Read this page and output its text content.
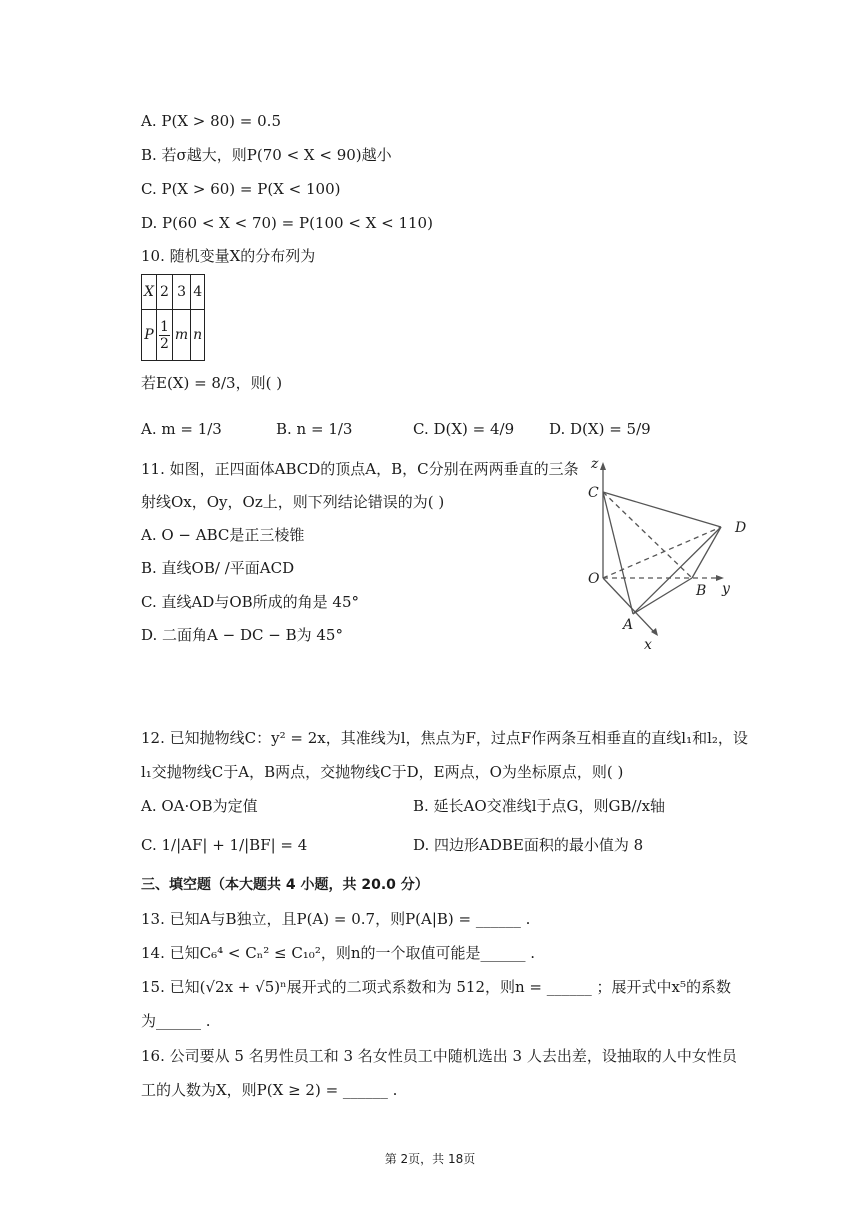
A. P(X > 80) = 0.5
B. 若σ越大，则P(70 < X < 90)越小
C. P(X > 60) = P(X < 100)
D. P(60 < X < 70) = P(100 < X < 110)
10. 随机变量X的分布列为
X	2	3	4
P	$\frac{1}{2}$	m	n
若E(X) = 8/3，则( )
A. m = 1/3	B. n = 1/3	C. D(X) = 4/9 D. D(X) = 5/9
11. 如图，正四面体ABCD的顶点A，B，C分别在两两垂直的三条
射线Ox，Oy，Oz上，则下列结论错误的为( )
A. O − ABC是正三棱锥
B. 直线OB/ /平面ACD
C. 直线AD与OB所成的角是 45°
D. 二面角A − DC − B为 45°
z
C
D
O
B y
A
x
12. 已知抛物线C：y² = 2x，其准线为l，焦点为F，过点F作两条互相垂直的直线l₁和l₂，设
l₁交抛物线C于A，B两点，交抛物线C于D，E两点，O为坐标原点，则( )
A. OA·OB为定值	B. 延长AO交准线l于点G，则GB//x轴
C. 1/|AF| + 1/|BF| = 4	D. 四边形ADBE面积的最小值为 8
三、填空题（本大题共 4 小题，共 20.0 分）
13. 已知A与B独立，且P(A) = 0.7，则P(A|B) = ______ .
14. 已知C₆⁴ < Cₙ² ≤ C₁₀²，则n的一个取值可能是______ .
15. 已知(√2x + √5)ⁿ展开式的二项式系数和为 512，则n = ______ ；展开式中x⁵的系数
为______ .
16. 公司要从 5 名男性员工和 3 名女性员工中随机选出 3 人去出差，设抽取的人中女性员
工的人数为X，则P(X ≥ 2) = ______ .
第 2页，共 18页
